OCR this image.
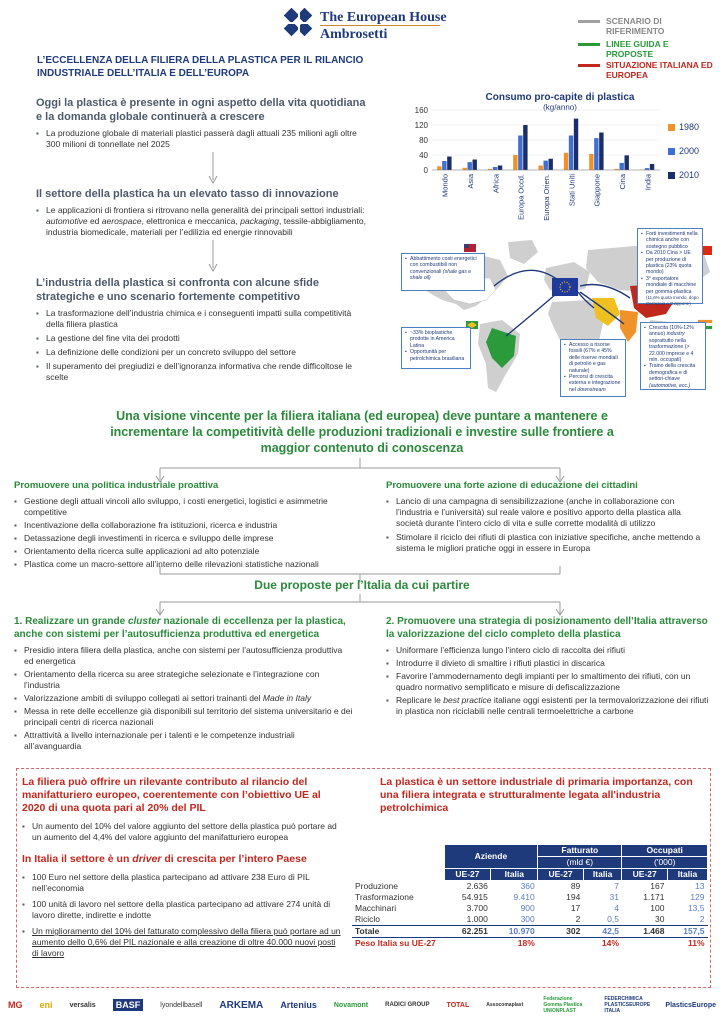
The European House
Ambrosetti
SCENARIO DI RIFERIMENTO
LINEE GUIDA E PROPOSTE
SITUAZIONE ITALIANA ED EUROPEA
L’ECCELLENZA DELLA FILIERA DELLA PLASTICA PER IL RILANCIO INDUSTRIALE DELL’ITALIA E DELL’EUROPA
Oggi la plastica è presente in ogni aspetto della vita quotidiana e la domanda globale continuerà a crescere
▪ La produzione globale di materiali plastici passerà dagli attuali 235 milioni agli oltre 300 milioni di tonnellate nel 2025
Il settore della plastica ha un elevato tasso di innovazione
▪ Le applicazioni di frontiera si ritrovano nella generalità dei principali settori industriali: automotive ed aerospace, elettronica e meccanica, packaging, tessile-abbigliamento, industria biomedicale, materiali per l’edilizia ed energie rinnovabili
L’industria della plastica si confronta con alcune sfide strategiche e uno scenario fortemente competitivo
▪ La trasformazione dell’industria chimica e i conseguenti impatti sulla competitività della filiera plastica
▪ La gestione del fine vita dei prodotti
▪ La definizione delle condizioni per un concreto sviluppo del settore
▪ Il superamento dei pregiudizi e dell’ignoranza informativa che rende difficoltose le scelte
Consumo pro-capite di plastica
(kg/anno)
0
40
80
120
160
Mondo Asia Africa Europa Occd. Europa Orien. Stati Uniti Giappone Cina India
1980
2000
2010
▪ Abbattimento costi energetici con combustibili non convenzionali (shale gas e shale oil)
▪ ~33% bioplastiche prodotte in America Latina
▪ Opportunità per petrolchimica brasiliana
▪ Accesso a risorse fossili (67% e 45% delle riserve mondiali di petrolio e gas naturale)
▪ Percorsi di crescita esterna e integrazione nel downstream
▪ Forti investimenti nella chimica anche con sostegno pubblico
▪ Da 2010 Cina > UE per produzione di plastica (23% quota mondo)
▪ 3° esportatore mondiale di macchine per gomma-plastica (11,6% quota mondo, dopo Germania e Giappone)
▪ Crescita (10%-12% annuo) industry soprattutto nella trasformazione (> 22.000 imprese e 4 mln. occupati)
▪ Traino della crescita demografica e di settori-chiave (automotive, ecc.)
Una visione vincente per la filiera italiana (ed europea) deve puntare a mantenere e incrementare la competitività delle produzioni tradizionali e investire sulle frontiere a maggior contenuto di conoscenza
Promuovere una politica industriale proattiva
▪ Gestione degli attuali vincoli allo sviluppo, i costi energetici, logistici e asimmetrie competitive
▪ Incentivazione della collaborazione fra istituzioni, ricerca e industria
▪ Detassazione degli investimenti in ricerca e sviluppo delle imprese
▪ Orientamento della ricerca sulle applicazioni ad alto potenziale
▪ Plastica come un macro-settore all’interno delle rilevazioni statistiche nazionali
Promuovere una forte azione di educazione dei cittadini
▪ Lancio di una campagna di sensibilizzazione (anche in collaborazione con l’industria e l’università) sul reale valore e positivo apporto della plastica alla società durante l’intero ciclo di vita e sulle corrette modalità di utilizzo
▪ Stimolare il riciclo dei rifiuti di plastica con iniziative specifiche, anche mettendo a sistema le migliori pratiche oggi in essere in Europa
Due proposte per l’Italia da cui partire
1. Realizzare un grande cluster nazionale di eccellenza per la plastica, anche con sistemi per l’autosufficienza produttiva ed energetica
▪ Presidio intera filiera della plastica, anche con sistemi per l’autosufficienza produttiva ed energetica
▪ Orientamento della ricerca su aree strategiche selezionate e l’integrazione con l’industria
▪ Valorizzazione ambiti di sviluppo collegati ai settori trainanti del Made in Italy
▪ Messa in rete delle eccellenze già disponibili sul territorio del sistema universitario e dei principali centri di ricerca nazionali
▪ Attrattività a livello internazionale per i talenti e le competenze industriali all’avanguardia
2. Promuovere una strategia di posizionamento dell’Italia attraverso la valorizzazione del ciclo completo della plastica
▪ Uniformare l’efficienza lungo l’intero ciclo di raccolta dei rifiuti
▪ Introdurre il divieto di smaltire i rifiuti plastici in discarica
▪ Favorire l’ammodernamento degli impianti per lo smaltimento dei rifiuti, con un quadro normativo semplificato e misure di defiscalizzazione
▪ Replicare le best practice italiane oggi esistenti per la termovalorizzazione dei rifiuti in plastica non riciclabili nelle centrali termoelettriche a carbone
La filiera può offrire un rilevante contributo al rilancio del manifatturiero europeo, coerentemente con l’obiettivo UE al 2020 di una quota pari al 20% del PIL
▪ Un aumento del 10% del valore aggiunto del settore della plastica può portare ad un aumento del 4,4% del valore aggiunto del manifatturiero europea
In Italia il settore è un driver di crescita per l’intero Paese
▪ 100 Euro nel settore della plastica partecipano ad attivare 238 Euro di PIL nell’economia
▪ 100 unità di lavoro nel settore della plastica partecipano ad attivare 274 unità di lavoro dirette, indirette e indotte
▪ Un miglioramento del 10% del fatturato complessivo della filiera può portare ad un aumento dello 0,6% del PIL nazionale e alla creazione di oltre 40.000 nuovi posti di lavoro
La plastica è un settore industriale di primaria importanza, con una filiera integrata e strutturalmente legata all'industria petrolchimica
	Aziende		Fatturato		Occupati	
			(mld €)		('000)	
	UE-27	Italia	UE-27	Italia	UE-27	Italia
Produzione	2.636	360	89	7	167	13
Trasformazione	54.915	9.410	194	31	1.171	129
Macchinari	3.700	900	17	4	100	13,5
Riciclo	1.000	300	2	0,5	30	2
Totale	62.251	10.970	302	42,5	1.468	157,5
Peso Italia su UE-27	18%		14%		11%	
MG eni versalis	BASF	lyondellbasell ARKEMA Artenius Novamont	RADICI GROUP TOTAL	Assocomaplast
Federazione Gomma Plastica UNIONPLAST
FEDERCHIMICA PLASTICSEUROPE ITALIA
PlasticsEurope
